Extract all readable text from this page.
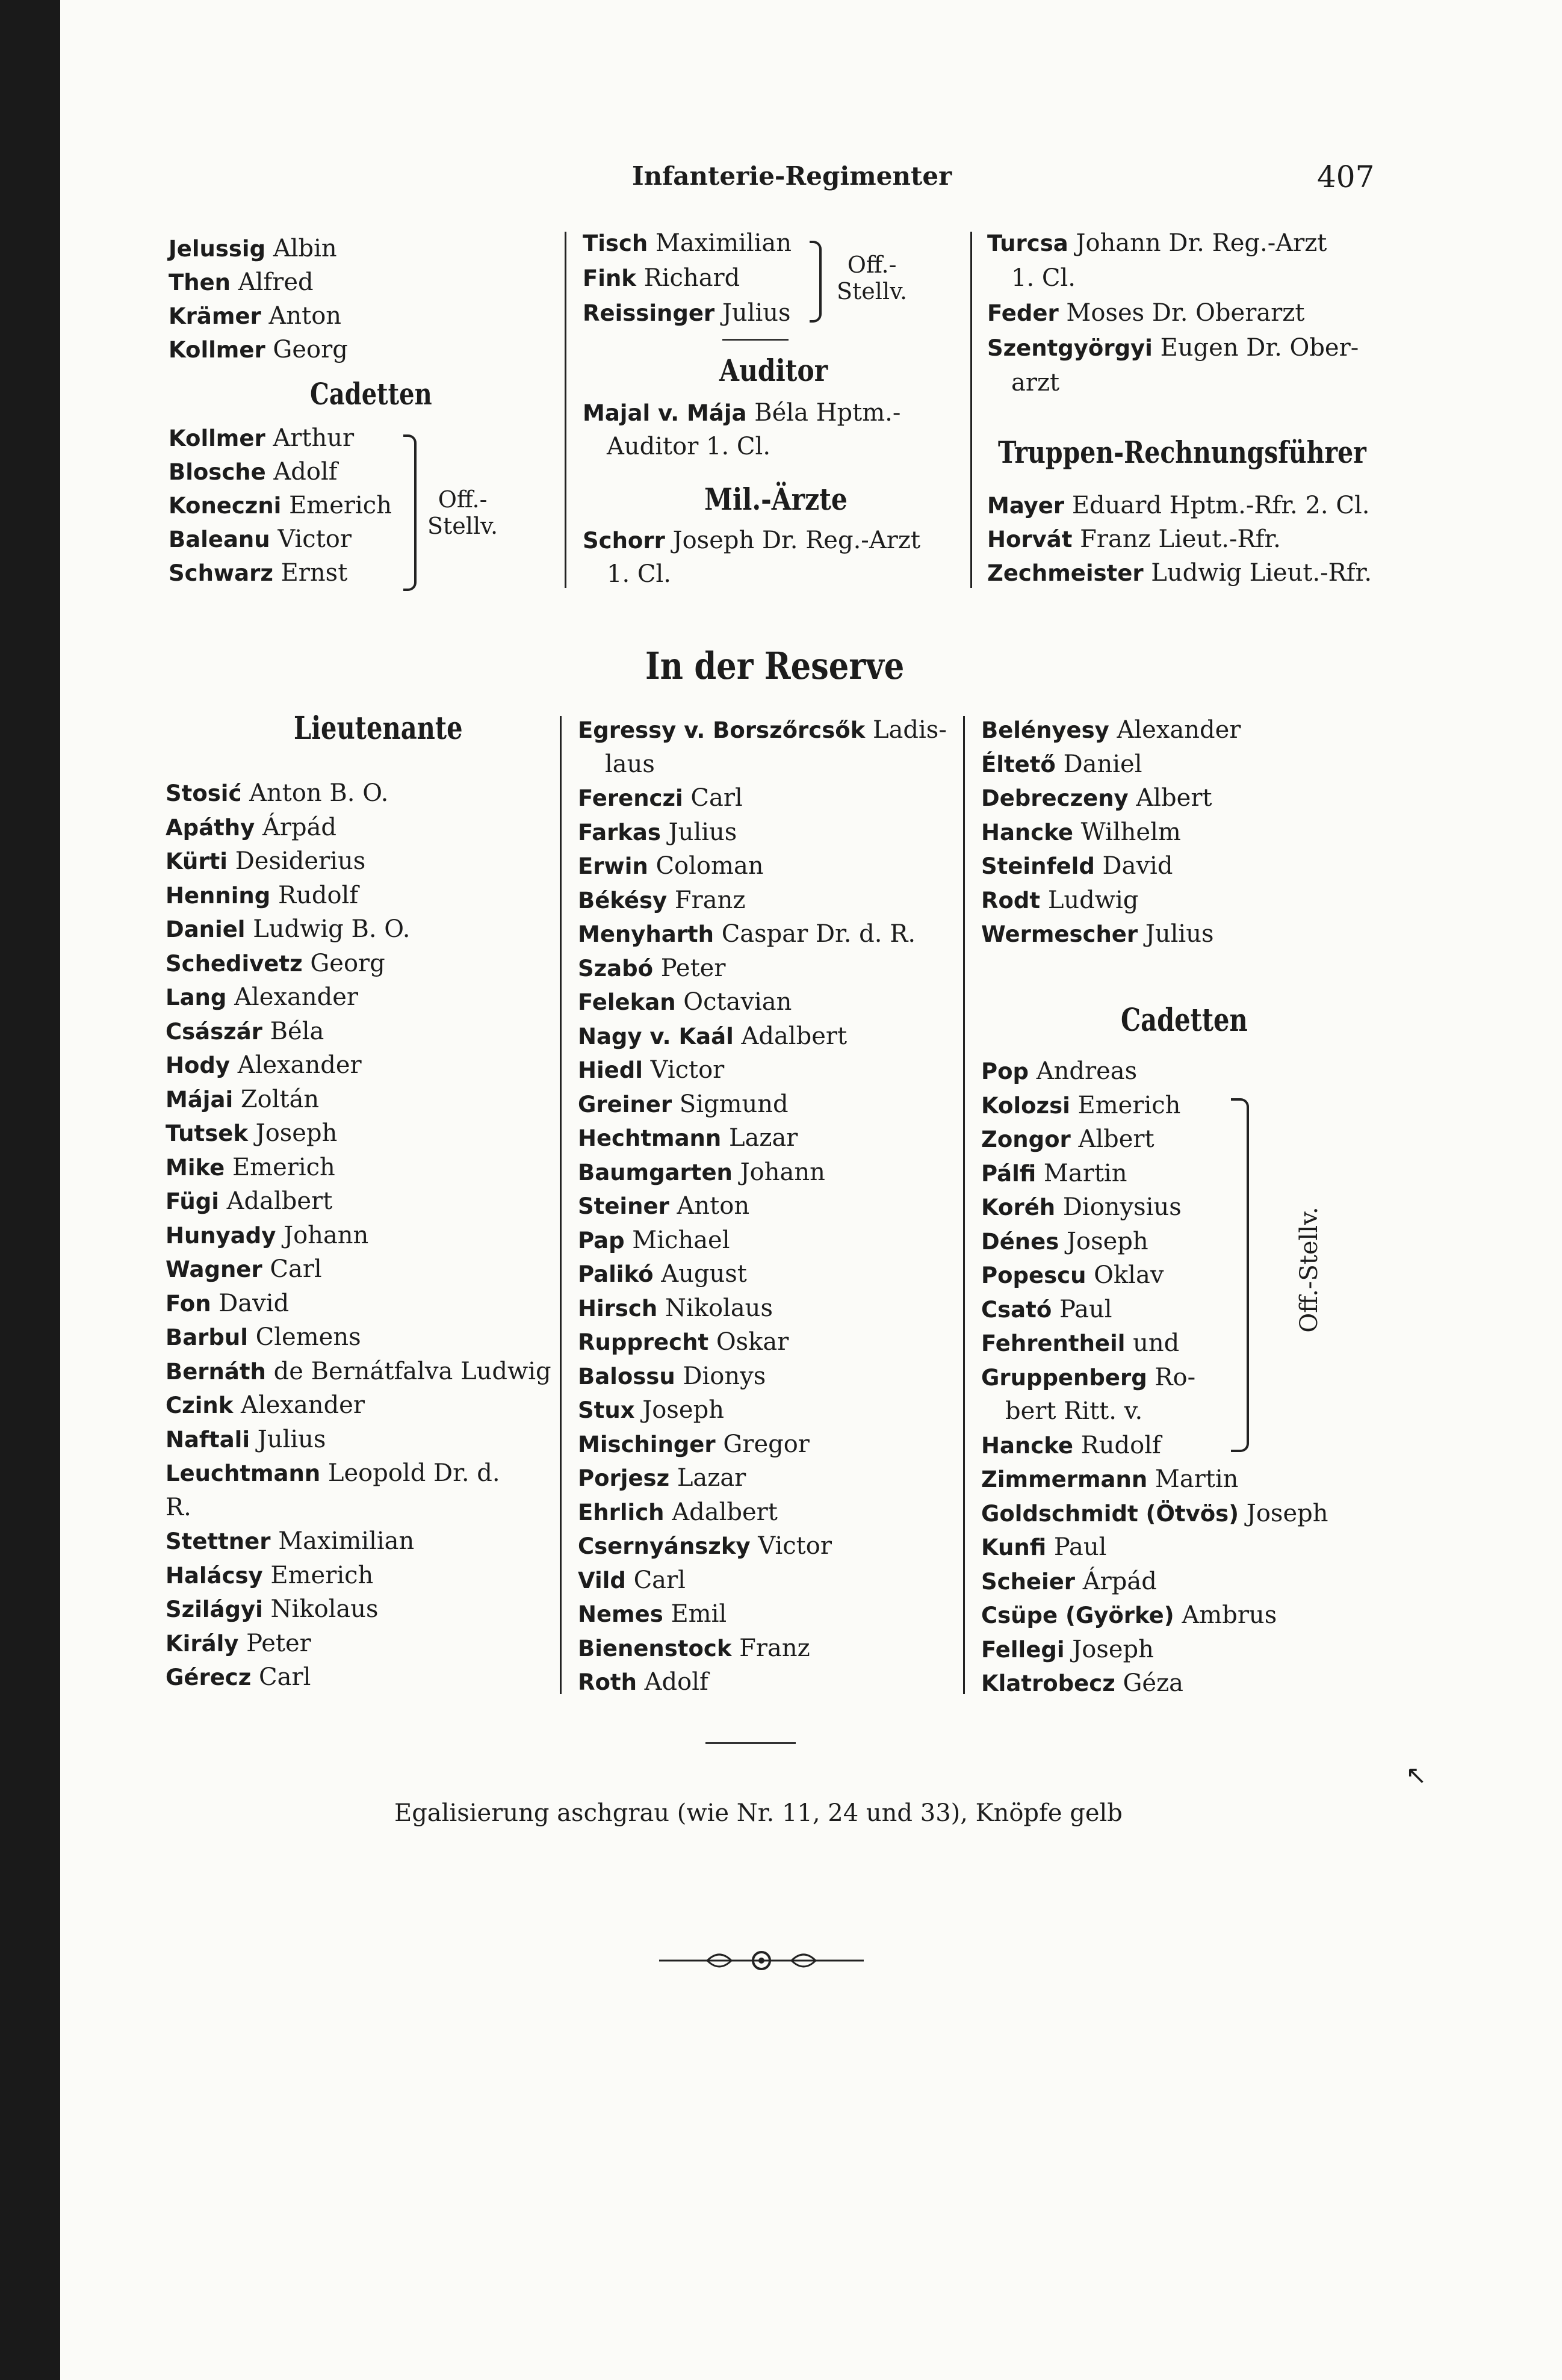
Infanterie-Regimenter	407
Jelussig Albin
Then Alfred
Krämer Anton
Kollmer Georg
Cadetten
Kollmer Arthur
Blosche Adolf
Koneczni Emerich
Baleanu Victor
Schwarz Ernst
Off.-
Stellv.
Tisch Maximilian
Fink Richard
Reissinger Julius
Off.-
Stellv.
Auditor
Majal v. Mája Béla Hptm.-
Auditor 1. Cl.
Mil.-Ärzte
Schorr Joseph Dr. Reg.-Arzt
1. Cl.
Turcsa Johann Dr. Reg.-Arzt
1. Cl.
Feder Moses Dr. Oberarzt
Szentgyörgyi Eugen Dr. Ober-
arzt
Truppen-Rechnungsführer
Mayer Eduard Hptm.-Rfr. 2. Cl.
Horvát Franz Lieut.-Rfr.
Zechmeister Ludwig Lieut.-Rfr.
In der Reserve
Lieutenante
Stosić Anton B. O.
Apáthy Árpád
Kürti Desiderius
Henning Rudolf
Daniel Ludwig B. O.
Schedivetz Georg
Lang Alexander
Császár Béla
Hody Alexander
Májai Zoltán
Tutsek Joseph
Mike Emerich
Fügi Adalbert
Hunyady Johann
Wagner Carl
Fon David
Barbul Clemens
Bernáth de Bernátfalva Ludwig
Czink Alexander
Naftali Julius
Leuchtmann Leopold Dr. d.
R.
Stettner Maximilian
Halácsy Emerich
Szilágyi Nikolaus
Király Peter
Gérecz Carl
Egressy v. Borszőrcsők Ladis-
laus
Ferenczi Carl
Farkas Julius
Erwin Coloman
Békésy Franz
Menyharth Caspar Dr. d. R.
Szabó Peter
Felekan Octavian
Nagy v. Kaál Adalbert
Hiedl Victor
Greiner Sigmund
Hechtmann Lazar
Baumgarten Johann
Steiner Anton
Pap Michael
Palikó August
Hirsch Nikolaus
Rupprecht Oskar
Balossu Dionys
Stux Joseph
Mischinger Gregor
Porjesz Lazar
Ehrlich Adalbert
Csernyánszky Victor
Vild Carl
Nemes Emil
Bienenstock Franz
Roth Adolf
Belényesy Alexander
Éltető Daniel
Debreczeny Albert
Hancke Wilhelm
Steinfeld David
Rodt Ludwig
Wermescher Julius
Cadetten
Pop Andreas
Kolozsi Emerich
Zongor Albert
Pálfi Martin
Koréh Dionysius
Dénes Joseph
Popescu Oklav
Csató Paul
Fehrentheil und
Gruppenberg Ro-
bert Ritt. v.
Hancke Rudolf
Zimmermann Martin
Goldschmidt (Ötvös) Joseph
Kunfi Paul
Scheier Árpád
Csüpe (Györke) Ambrus
Fellegi Joseph
Klatrobecz Géza
Off.-Stellv.
Egalisierung aschgrau (wie Nr. 11, 24 und 33), Knöpfe gelb
↖
